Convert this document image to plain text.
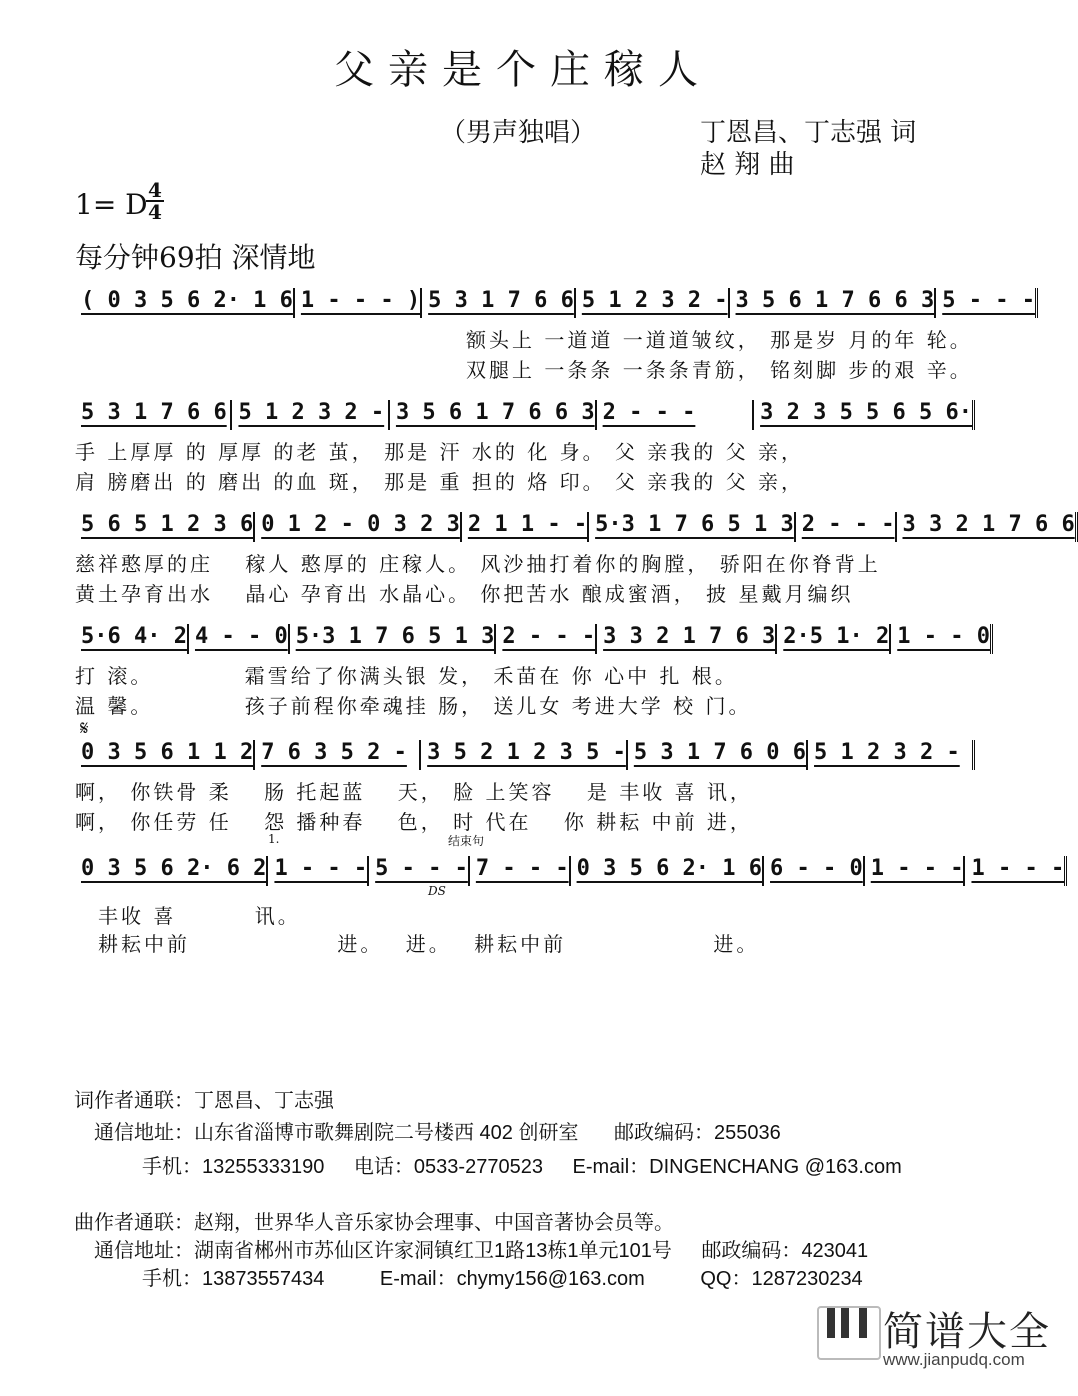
父亲是个庄稼人
（男声独唱）	丁恩昌、丁志强 词
赵 翔 曲
1= D 4
4
每分钟69拍 深情地
( 0 3 5 6 2· 1 6 1 - - - ) 5 3 1 7 6 6 5 1 2 3 2 - 3 5 6 1 7 6 6 3 5 - - -
　　　　　　　　　　　　　　　　　额头上 一道道 一道道皱纹， 那是岁 月的年 轮。
　　　　　　　　　　　　　　　　　双腿上 一条条 一条条青筋， 铭刻脚 步的艰 辛。
5 3 1 7 6 6 5 1 2 3 2 - 3 5 6 1 7 6 6 3 2 - - -	3 2 3 5 5 6 5 6·
手 上厚厚 的 厚厚 的老 茧， 那是 汗 水的 化 身。 父 亲我的 父 亲，
肩 膀磨出 的 磨出 的血 斑， 那是 重 担的 烙 印。 父 亲我的 父 亲，
5 6 5 1 2 3 6 0 1 2 - 0 3 2 3 2 1 1 - - 5·3 1 7 6 5 1 3 2 - - - 3 3 2 1 7 6 6
慈祥憨厚的庄　 稼人 憨厚的 庄稼人。 风沙抽打着你的胸膛， 骄阳在你脊背上
黄土孕育出水　 晶心 孕育出 水晶心。 你把苦水 酿成蜜酒， 披 星戴月编织
5·6 4· 2 4 - - 0 5·3 1 7 6 5 1 3 2 - - - 3 3 2 1 7 6 3 2·5 1· 2 1 - - 0
打 滚。　　　　 霜雪给了你满头银 发， 禾苗在 你 心中 扎 根。
温 馨。　　　　 孩子前程你牵魂挂 肠， 送儿女 考进大学 校 门。
𝄋
0 3 5 6 1 1 2 7 6 3 5 2 - 3 5 2 1 2 3 5 - 5 3 1 7 6 0 6 5 1 2 3 2 -
啊， 你铁骨 柔　 肠 托起蓝　 天， 脸 上笑容　 是 丰收 喜 讯，
啊， 你任劳 任　 怨 播种春　 色， 时 代在　 你 耕耘 中前 进，
1.	结束句
0 3 5 6 2· 6 2 1 - - - 5 - - - 7 - - - 0 3 5 6 2· 1 6 6 - - 0 1 - - - 1 - - -
DS
丰收 喜　　　 讯。
耕耘中前　　　　　　 进。　 进。　 耕耘中前　　　　　　 进。
词作者通联：丁恩昌、丁志强
通信地址：山东省淄博市歌舞剧院二号楼西 402 创研室 邮政编码：255036
手机：13255333190 电话：0533-2770523 E-mail：DINGENCHANG @163.com
曲作者通联：赵翔，世界华人音乐家协会理事、中国音著协会员等。
通信地址：湖南省郴州市苏仙区许家洞镇红卫1路13栋1单元101号 邮政编码：423041
手机：13873557434	E-mail：chymy156@163.com	QQ：1287230234
简谱大全
www.jianpudq.com
